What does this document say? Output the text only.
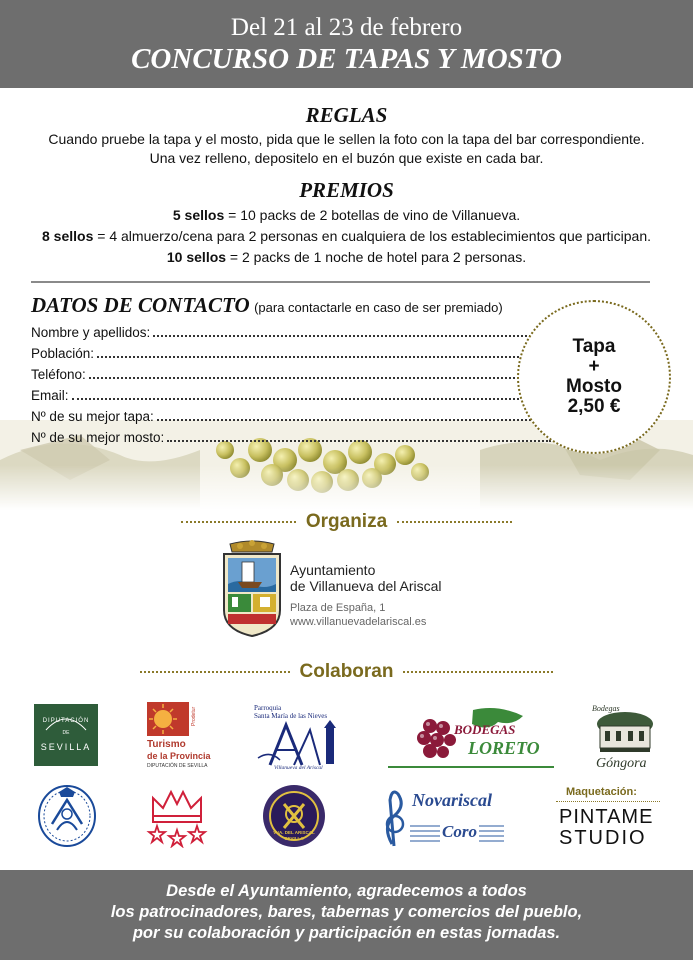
Del 21 al 23 de febrero
CONCURSO DE TAPAS Y MOSTO
REGLAS

Cuando pruebe la tapa y el mosto, pida que le sellen la foto con la tapa del bar correspondiente.

Una vez relleno, depositelo en el buzón que existe en cada bar.

PREMIOS

5 sellos = 10 packs de 2 botellas de vino de Villanueva.

8 sellos = 4 almuerzo/cena para 2 personas en cualquiera de los establecimientos que participan.

10 sellos = 2 packs de 1 noche de hotel para 2 personas.

DATOS DE CONTACTO (para contactarle en caso de ser premiado)
Nombre y apellidos:
Población:
Teléfono:
Email:
Nº de su mejor tapa:
Nº de su mejor mosto:
Tapa
+
Mosto
2,50 €
Organiza
Ayuntamiento
de Villanueva del Ariscal
Plaza de España, 1
www.villanuevadelariscal.es
Colaboran
DIPUTACIÓN
DE
SEVILLA
Prodetur
Turismo
de la Provincia
DIPUTACIÓN DE SEVILLA
Parroquia
Santa María de las Nieves
Villanueva del Ariscal
BODEGAS
LORETO
Bodegas
Góngora
VVA. DEL ARISCAL
SEVILLA
Novariscal
Coro
Maquetación:
PINTAME
STUDIO
Desde el Ayuntamiento, agradecemos a todos
los patrocinadores, bares, tabernas y comercios del pueblo,
por su colaboración y participación en estas jornadas.
